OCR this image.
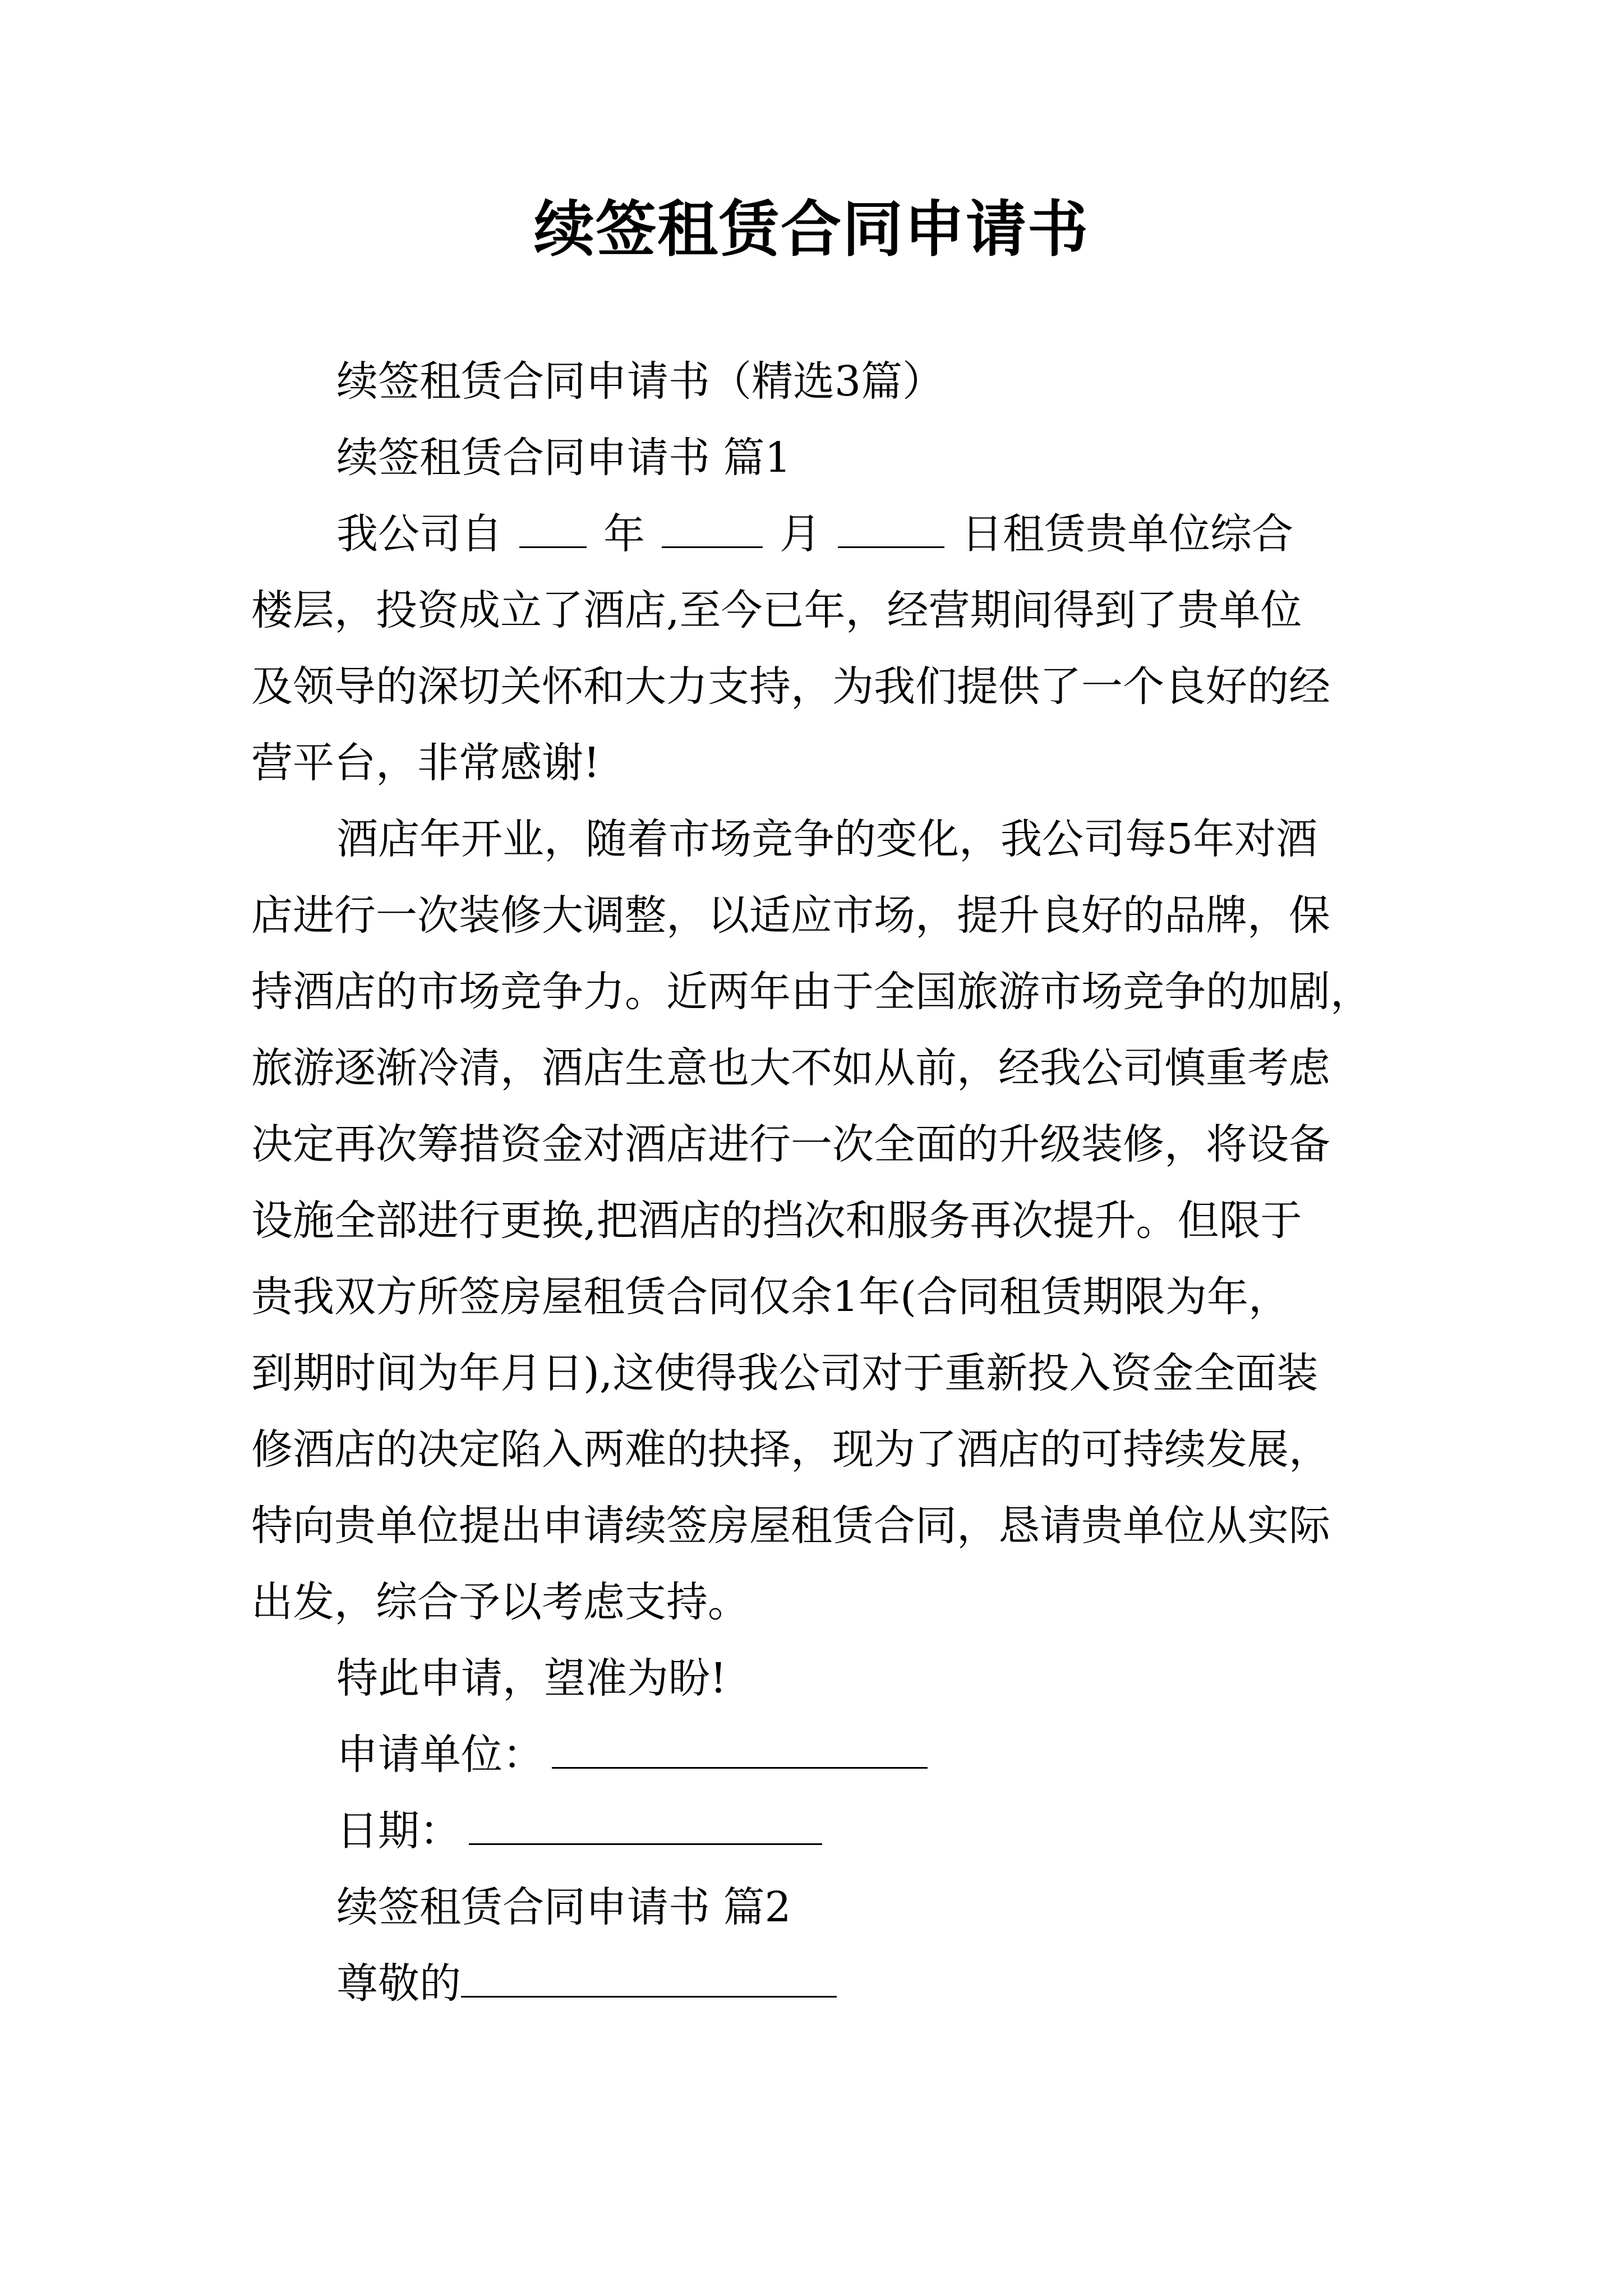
续签租赁合同申请书
续签租赁合同申请书（精选3篇）
续签租赁合同申请书 篇1
我公司自 年	月	日租赁贵单位综合
楼层，投资成立了酒店,至今已年，经营期间得到了贵单位
及领导的深切关怀和大力支持，为我们提供了一个良好的经
营平台，非常感谢!
酒店年开业，随着市场竞争的变化，我公司每5年对酒
店进行一次装修大调整，以适应市场，提升良好的品牌，保
持酒店的市场竞争力。近两年由于全国旅游市场竞争的加剧，
旅游逐渐冷清，酒店生意也大不如从前，经我公司慎重考虑
决定再次筹措资金对酒店进行一次全面的升级装修，将设备
设施全部进行更换,把酒店的挡次和服务再次提升。但限于
贵我双方所签房屋租赁合同仅余1年(合同租赁期限为年，
到期时间为年月日),这使得我公司对于重新投入资金全面装
修酒店的决定陷入两难的抉择，现为了酒店的可持续发展，
特向贵单位提出申请续签房屋租赁合同，恳请贵单位从实际
出发，综合予以考虑支持。
特此申请，望准为盼!
申请单位：
日期：
续签租赁合同申请书 篇2
尊敬的
